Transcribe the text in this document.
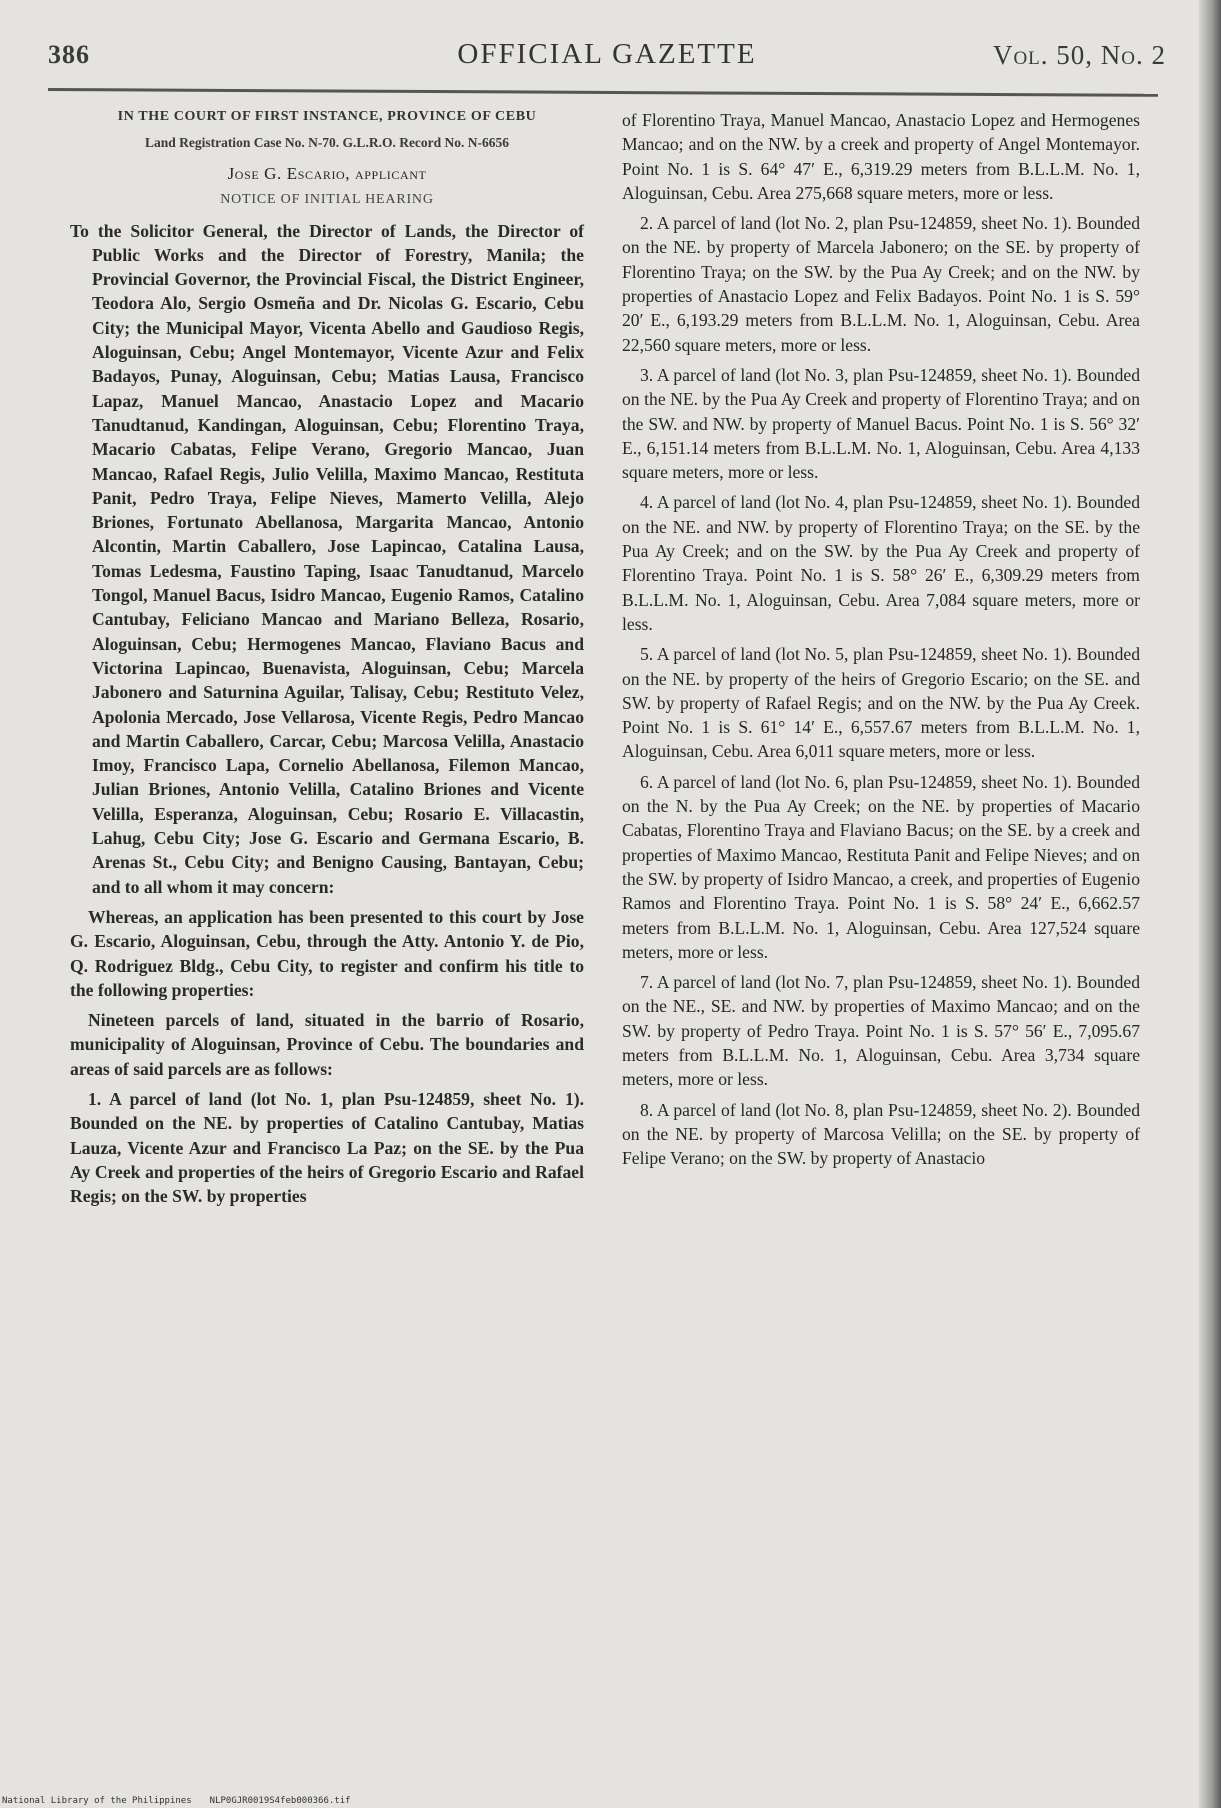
386	OFFICIAL GAZETTE	Vol. 50, No. 2
IN THE COURT OF FIRST INSTANCE, PROVINCE OF CEBU
Land Registration Case No. N-70. G.L.R.O. Record No. N-6656
Jose G. Escario, applicant
NOTICE OF INITIAL HEARING

To the Solicitor General, the Director of Lands, the Director of Public Works and the Director of Forestry, Manila; the Provincial Governor, the Provincial Fiscal, the District Engineer, Teodora Alo, Sergio Osmeña and Dr. Nicolas G. Escario, Cebu City; the Municipal Mayor, Vicenta Abello and Gaudioso Regis, Aloguinsan, Cebu; Angel Montemayor, Vicente Azur and Felix Badayos, Punay, Aloguinsan, Cebu; Matias Lausa, Francisco Lapaz, Manuel Mancao, Anastacio Lopez and Macario Tanudtanud, Kandingan, Aloguinsan, Cebu; Florentino Traya, Macario Cabatas, Felipe Verano, Gregorio Mancao, Juan Mancao, Rafael Regis, Julio Velilla, Maximo Mancao, Restituta Panit, Pedro Traya, Felipe Nieves, Mamerto Velilla, Alejo Briones, Fortunato Abellanosa, Margarita Mancao, Antonio Alcontin, Martin Caballero, Jose Lapincao, Catalina Lausa, Tomas Ledesma, Faustino Taping, Isaac Tanudtanud, Marcelo Tongol, Manuel Bacus, Isidro Mancao, Eugenio Ramos, Catalino Cantubay, Feliciano Mancao and Mariano Belleza, Rosario, Aloguinsan, Cebu; Hermogenes Mancao, Flaviano Bacus and Victorina Lapincao, Buenavista, Aloguinsan, Cebu; Marcela Jabonero and Saturnina Aguilar, Talisay, Cebu; Restituto Velez, Apolonia Mercado, Jose Vellarosa, Vicente Regis, Pedro Mancao and Martin Caballero, Carcar, Cebu; Marcosa Velilla, Anastacio Imoy, Francisco Lapa, Cornelio Abellanosa, Filemon Mancao, Julian Briones, Antonio Velilla, Catalino Briones and Vicente Velilla, Esperanza, Aloguinsan, Cebu; Rosario E. Villacastin, Lahug, Cebu City; Jose G. Escario and Germana Escario, B. Arenas St., Cebu City; and Benigno Causing, Bantayan, Cebu; and to all whom it may concern:

Whereas, an application has been presented to this court by Jose G. Escario, Aloguinsan, Cebu, through the Atty. Antonio Y. de Pio, Q. Rodriguez Bldg., Cebu City, to register and confirm his title to the following properties:

Nineteen parcels of land, situated in the barrio of Rosario, municipality of Aloguinsan, Province of Cebu. The boundaries and areas of said parcels are as follows:

1. A parcel of land (lot No. 1, plan Psu-124859, sheet No. 1). Bounded on the NE. by properties of Catalino Cantubay, Matias Lauza, Vicente Azur and Francisco La Paz; on the SE. by the Pua Ay Creek and properties of the heirs of Gregorio Escario and Rafael Regis; on the SW. by properties

of Florentino Traya, Manuel Mancao, Anastacio Lopez and Hermogenes Mancao; and on the NW. by a creek and property of Angel Montemayor. Point No. 1 is S. 64° 47′ E., 6,319.29 meters from B.L.L.M. No. 1, Aloguinsan, Cebu. Area 275,668 square meters, more or less.

2. A parcel of land (lot No. 2, plan Psu-124859, sheet No. 1). Bounded on the NE. by property of Marcela Jabonero; on the SE. by property of Florentino Traya; on the SW. by the Pua Ay Creek; and on the NW. by properties of Anastacio Lopez and Felix Badayos. Point No. 1 is S. 59° 20′ E., 6,193.29 meters from B.L.L.M. No. 1, Aloguinsan, Cebu. Area 22,560 square meters, more or less.

3. A parcel of land (lot No. 3, plan Psu-124859, sheet No. 1). Bounded on the NE. by the Pua Ay Creek and property of Florentino Traya; and on the SW. and NW. by property of Manuel Bacus. Point No. 1 is S. 56° 32′ E., 6,151.14 meters from B.L.L.M. No. 1, Aloguinsan, Cebu. Area 4,133 square meters, more or less.

4. A parcel of land (lot No. 4, plan Psu-124859, sheet No. 1). Bounded on the NE. and NW. by property of Florentino Traya; on the SE. by the Pua Ay Creek; and on the SW. by the Pua Ay Creek and property of Florentino Traya. Point No. 1 is S. 58° 26′ E., 6,309.29 meters from B.L.L.M. No. 1, Aloguinsan, Cebu. Area 7,084 square meters, more or less.

5. A parcel of land (lot No. 5, plan Psu-124859, sheet No. 1). Bounded on the NE. by property of the heirs of Gregorio Escario; on the SE. and SW. by property of Rafael Regis; and on the NW. by the Pua Ay Creek. Point No. 1 is S. 61° 14′ E., 6,557.67 meters from B.L.L.M. No. 1, Aloguinsan, Cebu. Area 6,011 square meters, more or less.

6. A parcel of land (lot No. 6, plan Psu-124859, sheet No. 1). Bounded on the N. by the Pua Ay Creek; on the NE. by properties of Macario Cabatas, Florentino Traya and Flaviano Bacus; on the SE. by a creek and properties of Maximo Mancao, Restituta Panit and Felipe Nieves; and on the SW. by property of Isidro Mancao, a creek, and properties of Eugenio Ramos and Florentino Traya. Point No. 1 is S. 58° 24′ E., 6,662.57 meters from B.L.L.M. No. 1, Aloguinsan, Cebu. Area 127,524 square meters, more or less.

7. A parcel of land (lot No. 7, plan Psu-124859, sheet No. 1). Bounded on the NE., SE. and NW. by properties of Maximo Mancao; and on the SW. by property of Pedro Traya. Point No. 1 is S. 57° 56′ E., 7,095.67 meters from B.L.L.M. No. 1, Aloguinsan, Cebu. Area 3,734 square meters, more or less.

8. A parcel of land (lot No. 8, plan Psu-124859, sheet No. 2). Bounded on the NE. by property of Marcosa Velilla; on the SE. by property of Felipe Verano; on the SW. by property of Anastacio

National Library of the Philippines NLP0GJR0019S4feb000366.tif
